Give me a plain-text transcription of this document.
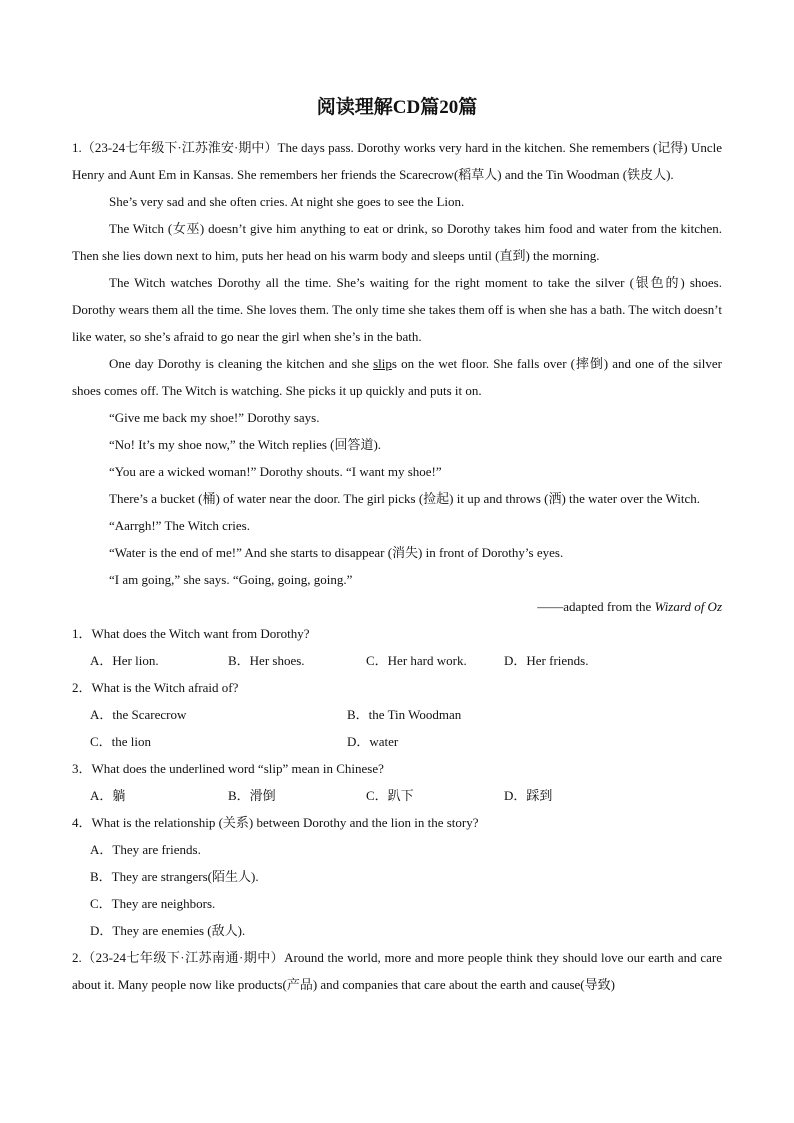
阅读理解CD篇20篇

1.（23-24七年级下·江苏淮安·期中）The days pass. Dorothy works very hard in the kitchen. She remembers (记得) Uncle Henry and Aunt Em in Kansas. She remembers her friends the Scarecrow(稻草人) and the Tin Woodman (铁皮人).

She’s very sad and she often cries. At night she goes to see the Lion.

The Witch (女巫) doesn’t give him anything to eat or drink, so Dorothy takes him food and water from the kitchen. Then she lies down next to him, puts her head on his warm body and sleeps until (直到) the morning.

The Witch watches Dorothy all the time. She’s waiting for the right moment to take the silver (银色的) shoes. Dorothy wears them all the time. She loves them. The only time she takes them off is when she has a bath. The witch doesn’t like water, so she’s afraid to go near the girl when she’s in the bath.

One day Dorothy is cleaning the kitchen and she slips on the wet floor. She falls over (摔倒) and one of the silver shoes comes off. The Witch is watching. She picks it up quickly and puts it on.

“Give me back my shoe!” Dorothy says.

“No! It’s my shoe now,” the Witch replies (回答道).

“You are a wicked woman!” Dorothy shouts. “I want my shoe!”

There’s a bucket (桶) of water near the door. The girl picks (捡起) it up and throws (洒) the water over the Witch.

“Aarrgh!” The Witch cries.

“Water is the end of me!” And she starts to disappear (消失) in front of Dorothy’s eyes.

“I am going,” she says. “Going, going, going.”

——adapted from the Wizard of Oz

1．What does the Witch want from Dorothy?

A．Her lion.	B．Her shoes.	C．Her hard work.	D．Her friends.

2．What is the Witch afraid of?

A．the Scarecrow	B．the Tin Woodman
C．the lion	D．water

3．What does the underlined word “slip” mean in Chinese?

A．躺	B．滑倒	C．趴下	D．踩到

4．What is the relationship (关系) between Dorothy and the lion in the story?

A．They are friends.

B．They are strangers(陌生人).

C．They are neighbors.

D．They are enemies (敌人).

2.（23-24七年级下·江苏南通·期中）Around the world, more and more people think they should love our earth and care about it. Many people now like products(产品) and companies that care about the earth and cause(导致)
